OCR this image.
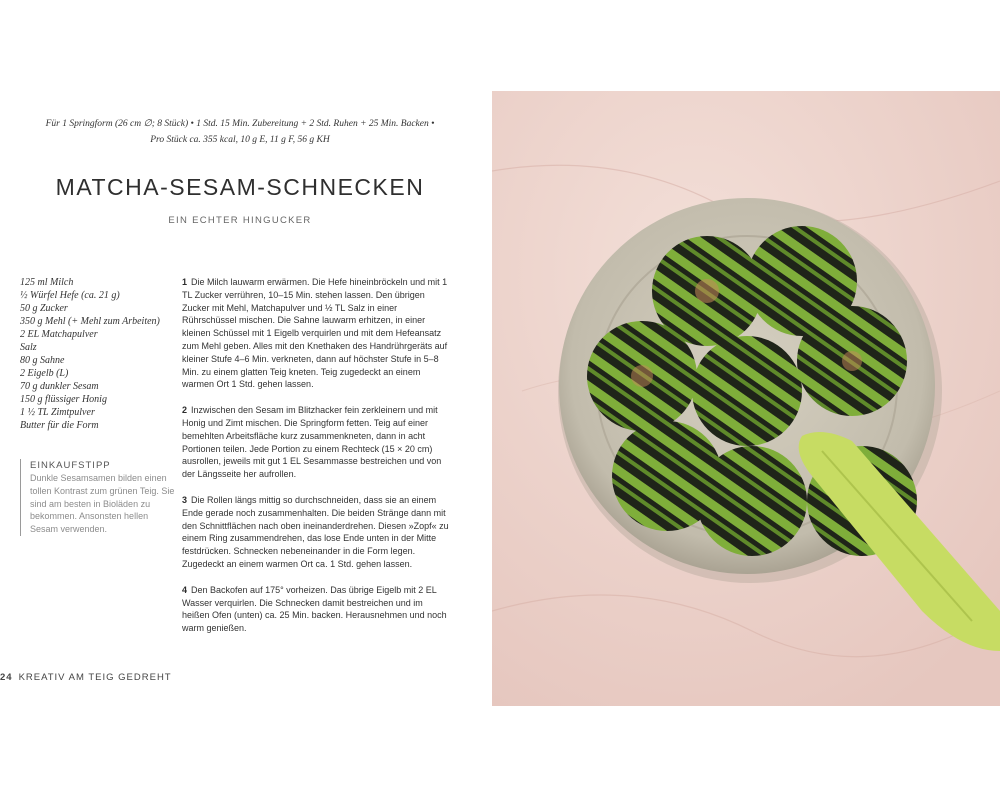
Für 1 Springform (26 cm ∅; 8 Stück) • 1 Std. 15 Min. Zubereitung + 2 Std. Ruhen + 25 Min. Backen •
Pro Stück ca. 355 kcal, 10 g E, 11 g F, 56 g KH
MATCHA-SESAM-SCHNECKEN
EIN ECHTER HINGUCKER
125 ml Milch
½ Würfel Hefe (ca. 21 g)
50 g Zucker
350 g Mehl (+ Mehl zum Arbeiten)
2 EL Matchapulver
Salz
80 g Sahne
2 Eigelb (L)
70 g dunkler Sesam
150 g flüssiger Honig
1 ½ TL Zimtpulver
Butter für die Form
EINKAUFSTIPP
Dunkle Sesamsamen bilden einen tollen Kontrast zum grünen Teig. Sie sind am besten in Bioläden zu bekommen. Ansonsten hellen Sesam verwenden.

1 Die Milch lauwarm erwärmen. Die Hefe hineinbröckeln und mit 1 TL Zucker verrühren, 10–15 Min. stehen lassen. Den übrigen Zucker mit Mehl, Matchapulver und ½ TL Salz in einer Rührschüssel mischen. Die Sahne lauwarm erhitzen, in einer kleinen Schüssel mit 1 Eigelb verquirlen und mit dem Hefeansatz zum Mehl geben. Alles mit den Knethaken des Handrührgeräts auf kleiner Stufe 4–6 Min. verkneten, dann auf höchster Stufe in 5–8 Min. zu einem glatten Teig kneten. Teig zugedeckt an einem warmen Ort 1 Std. gehen lassen.

2 Inzwischen den Sesam im Blitzhacker fein zerkleinern und mit Honig und Zimt mischen. Die Springform fetten. Teig auf einer bemehlten Arbeitsfläche kurz zusammenkneten, dann in acht Portionen teilen. Jede Portion zu einem Rechteck (15 × 20 cm) ausrollen, jeweils mit gut 1 EL Sesammasse bestreichen und von der Längsseite her aufrollen.

3 Die Rollen längs mittig so durchschneiden, dass sie an einem Ende gerade noch zusammenhalten. Die beiden Stränge dann mit den Schnittflächen nach oben ineinanderdrehen. Diesen »Zopf« zu einem Ring zusammendrehen, das lose Ende unten in der Mitte festdrücken. Schnecken nebeneinander in die Form legen. Zugedeckt an einem warmen Ort ca. 1 Std. gehen lassen.

4 Den Backofen auf 175° vorheizen. Das übrige Eigelb mit 2 EL Wasser verquirlen. Die Schnecken damit bestreichen und im heißen Ofen (unten) ca. 25 Min. backen. Herausnehmen und noch warm genießen.

24 KREATIV AM TEIG GEDREHT
